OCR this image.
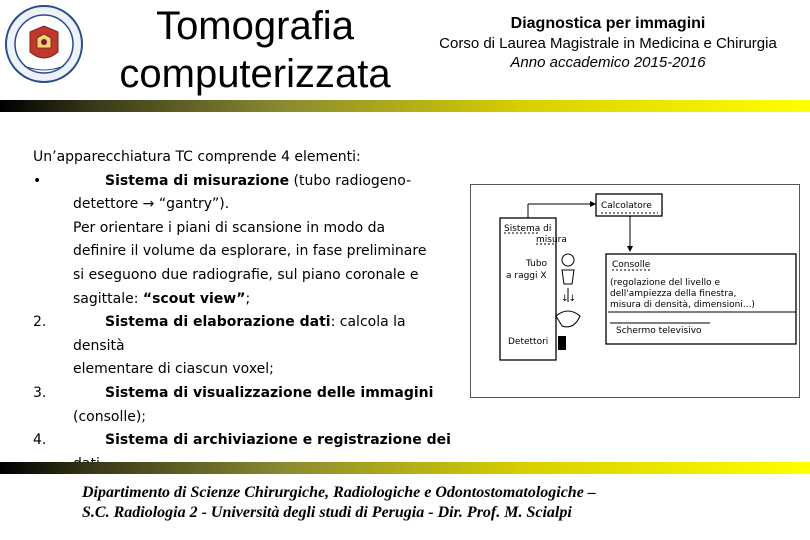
Tomografia
computerizzata
Diagnostica per immagini
Corso di Laurea Magistrale in Medicina e Chirurgia
Anno accademico 2015-2016
Un’apparecchiatura TC comprende 4 elementi:
•	Sistema di misurazione (tubo radiogeno-
detettore → “gantry”).
Per orientare i piani di scansione in modo da
definire il volume da esplorare, in fase preliminare
si eseguono due radiografie, sul piano coronale e
sagittale: “scout view”;
2.	Sistema di elaborazione dati: calcola la densità
elementare di ciascun voxel;
3.	Sistema di visualizzazione delle immagini
(consolle);
4.	Sistema di archiviazione e registrazione dei
Calcolatore
Sistema di
misura
Tubo
a raggi X
↓↓
Detettori
Consolle
(regolazione del livello e
dell'ampiezza della finestra,
misura di densità, dimensioni...)
Schermo televisivo
Dipartimento di Scienze Chirurgiche, Radiologiche e Odontostomatologiche –
S.C. Radiologia 2 - Università degli studi di Perugia - Dir. Prof. M. Scialpi
